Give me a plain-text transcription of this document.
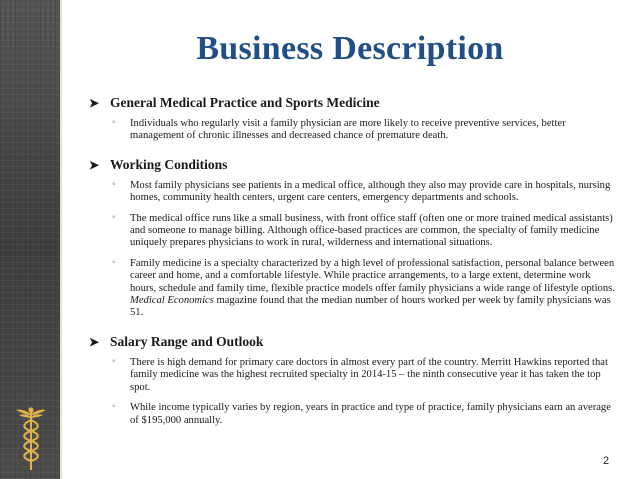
Business Description
➤ General Medical Practice and Sports Medicine
◦ Individuals who regularly visit a family physician are more likely to receive preventive services, better management of chronic illnesses and decreased chance of premature death.
➤ Working Conditions
◦ Most family physicians see patients in a medical office, although they also may provide care in hospitals, nursing homes, community health centers, urgent care centers, emergency departments and schools.
◦ The medical office runs like a small business, with front office staff (often one or more trained medical assistants) and someone to manage billing. Although office-based practices are common, the specialty of family medicine uniquely prepares physicians to work in rural, wilderness and international situations.
◦ Family medicine is a specialty characterized by a high level of professional satisfaction, personal balance between career and home, and a comfortable lifestyle. While practice arrangements, to a large extent, determine work hours, schedule and family time, flexible practice models offer family physicians a wide range of lifestyle options. Medical Economics magazine found that the median number of hours worked per week by family physicians was 51.
➤ Salary Range and Outlook
◦ There is high demand for primary care doctors in almost every part of the country. Merritt Hawkins reported that family medicine was the highest recruited specialty in 2014-15 – the ninth consecutive year it has taken the top spot.
◦ While income typically varies by region, years in practice and type of practice, family physicians earn an average of $195,000 annually.
2
